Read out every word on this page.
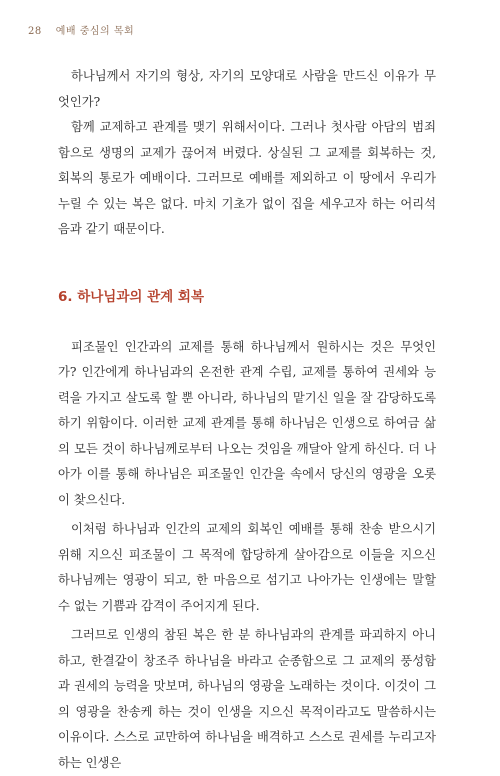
28 예배 중심의 목회

하나님께서 자기의 형상, 자기의 모양대로 사람을 만드신 이유가 무엇인가?

함께 교제하고 관계를 맺기 위해서이다. 그러나 첫사람 아담의 범죄함으로 생명의 교제가 끊어져 버렸다. 상실된 그 교제를 회복하는 것, 회복의 통로가 예배이다. 그러므로 예배를 제외하고 이 땅에서 우리가 누릴 수 있는 복은 없다. 마치 기초가 없이 집을 세우고자 하는 어리석음과 같기 때문이다.

6. 하나님과의 관계 회복

피조물인 인간과의 교제를 통해 하나님께서 원하시는 것은 무엇인가? 인간에게 하나님과의 온전한 관계 수립, 교제를 통하여 권세와 능력을 가지고 살도록 할 뿐 아니라, 하나님의 맡기신 일을 잘 감당하도록 하기 위함이다. 이러한 교제 관계를 통해 하나님은 인생으로 하여금 삶의 모든 것이 하나님께로부터 나오는 것임을 깨달아 알게 하신다. 더 나아가 이를 통해 하나님은 피조물인 인간을 속에서 당신의 영광을 오롯이 찾으신다.

이처럼 하나님과 인간의 교제의 회복인 예배를 통해 찬송 받으시기 위해 지으신 피조물이 그 목적에 합당하게 살아감으로 이들을 지으신 하나님께는 영광이 되고, 한 마음으로 섬기고 나아가는 인생에는 말할 수 없는 기쁨과 감격이 주어지게 된다.

그러므로 인생의 참된 복은 한 분 하나님과의 관계를 파괴하지 아니하고, 한결같이 창조주 하나님을 바라고 순종함으로 그 교제의 풍성함과 권세의 능력을 맛보며, 하나님의 영광을 노래하는 것이다. 이것이 그의 영광을 찬송케 하는 것이 인생을 지으신 목적이라고도 말씀하시는 이유이다. 스스로 교만하여 하나님을 배격하고 스스로 권세를 누리고자 하는 인생은
